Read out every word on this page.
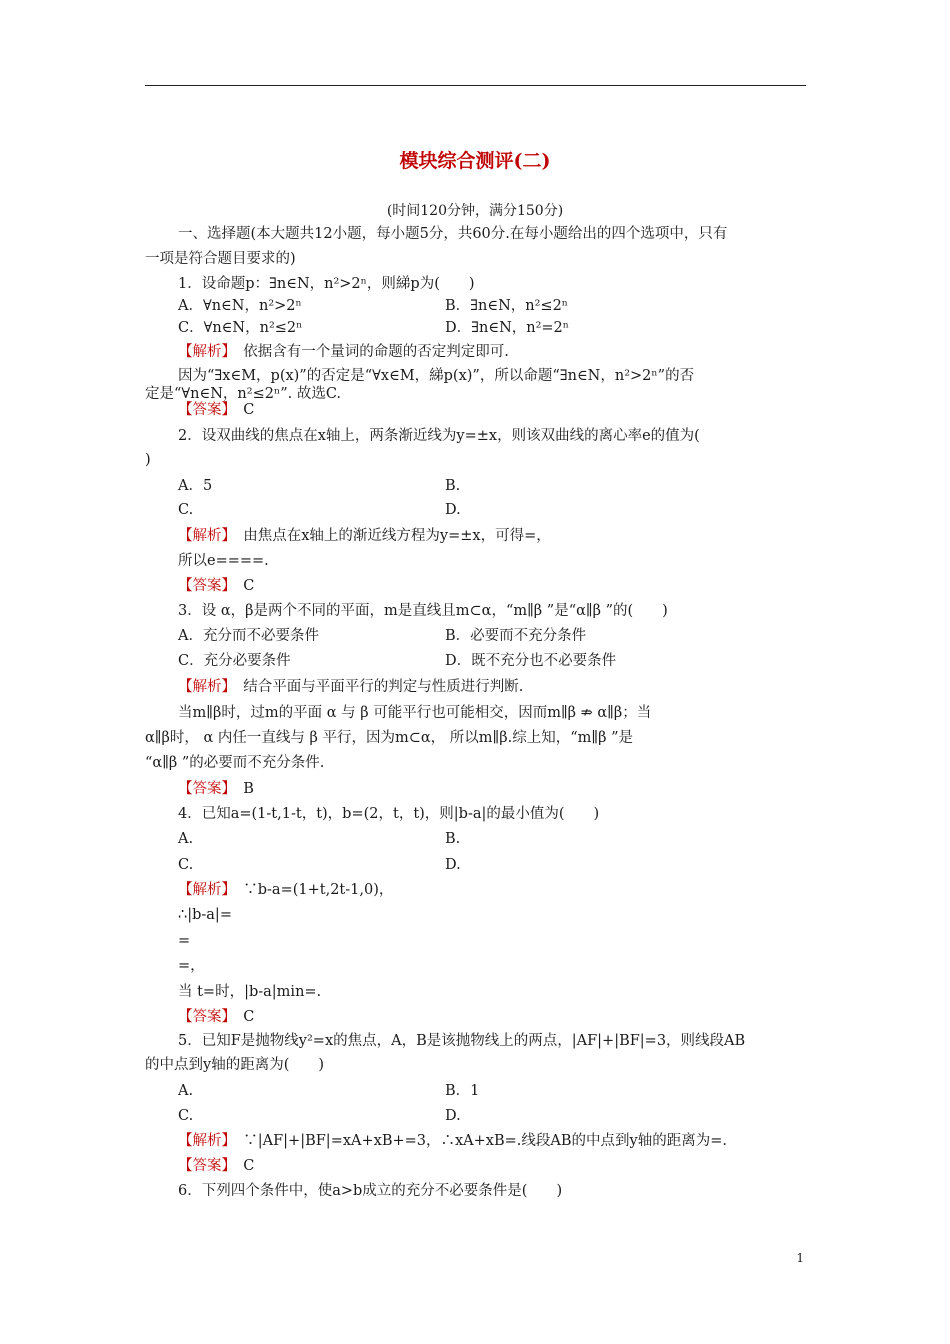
模块综合测评(二)
(时间120分钟，满分150分)
一、选择题(本大题共12小题，每小题5分，共60分.在每小题给出的四个选项中，只有
一项是符合题目要求的)
1．设命题p：∃n∈N，n²>2ⁿ，则綈p为(　　)
A．∀n∈N，n²>2ⁿ	B．∃n∈N，n²≤2ⁿ
C．∀n∈N，n²≤2ⁿ	D．∃n∈N，n²=2ⁿ
【解析】　 依据含有一个量词的命题的否定判定即可.
因为“∃x∈M，p(x)”的否定是“∀x∈M，綈p(x)”，所以命题“∃n∈N，n²>2ⁿ”的否
定是“∀n∈N，n²≤2ⁿ”. 故选C.
【答案】　 C
2．设双曲线的焦点在x轴上，两条渐近线为y=±x，则该双曲线的离心率e的值为(
)
A．5	B.
C.	D.
【解析】　 由焦点在x轴上的渐近线方程为y=±x，可得=，
所以e====.
【答案】　 C
3．设 α，β是两个不同的平面，m是直线且m⊂α，“m∥β ”是“α∥β ”的(　　)
A．充分而不必要条件	B．必要而不充分条件
C．充分必要条件	D．既不充分也不必要条件
【解析】　 结合平面与平面平行的判定与性质进行判断.
当m∥β时，过m的平面 α 与 β 可能平行也可能相交，因而m∥β ⇏ α∥β；当
α∥β时， α 内任一直线与 β 平行，因为m⊂α， 所以m∥β.综上知，“m∥β ”是
“α∥β ”的必要而不充分条件.
【答案】　 B
4．已知a=(1-t,1-t，t)，b=(2，t，t)，则|b-a|的最小值为(　　)
A.	B.
C.	D.
【解析】　 ∵b-a=(1+t,2t-1,0)，
∴|b-a|=
=
=，
当 t=时，|b-a|min=.
【答案】　 C
5．已知F是抛物线y²=x的焦点，A，B是该抛物线上的两点，|AF|+|BF|=3，则线段AB
的中点到y轴的距离为(　　)
A.	B．1
C.	D.
【解析】　 ∵|AF|+|BF|=xA+xB+=3，∴xA+xB=.线段AB的中点到y轴的距离为=.
【答案】　 C
6．下列四个条件中，使a>b成立的充分不必要条件是(　　)
1
